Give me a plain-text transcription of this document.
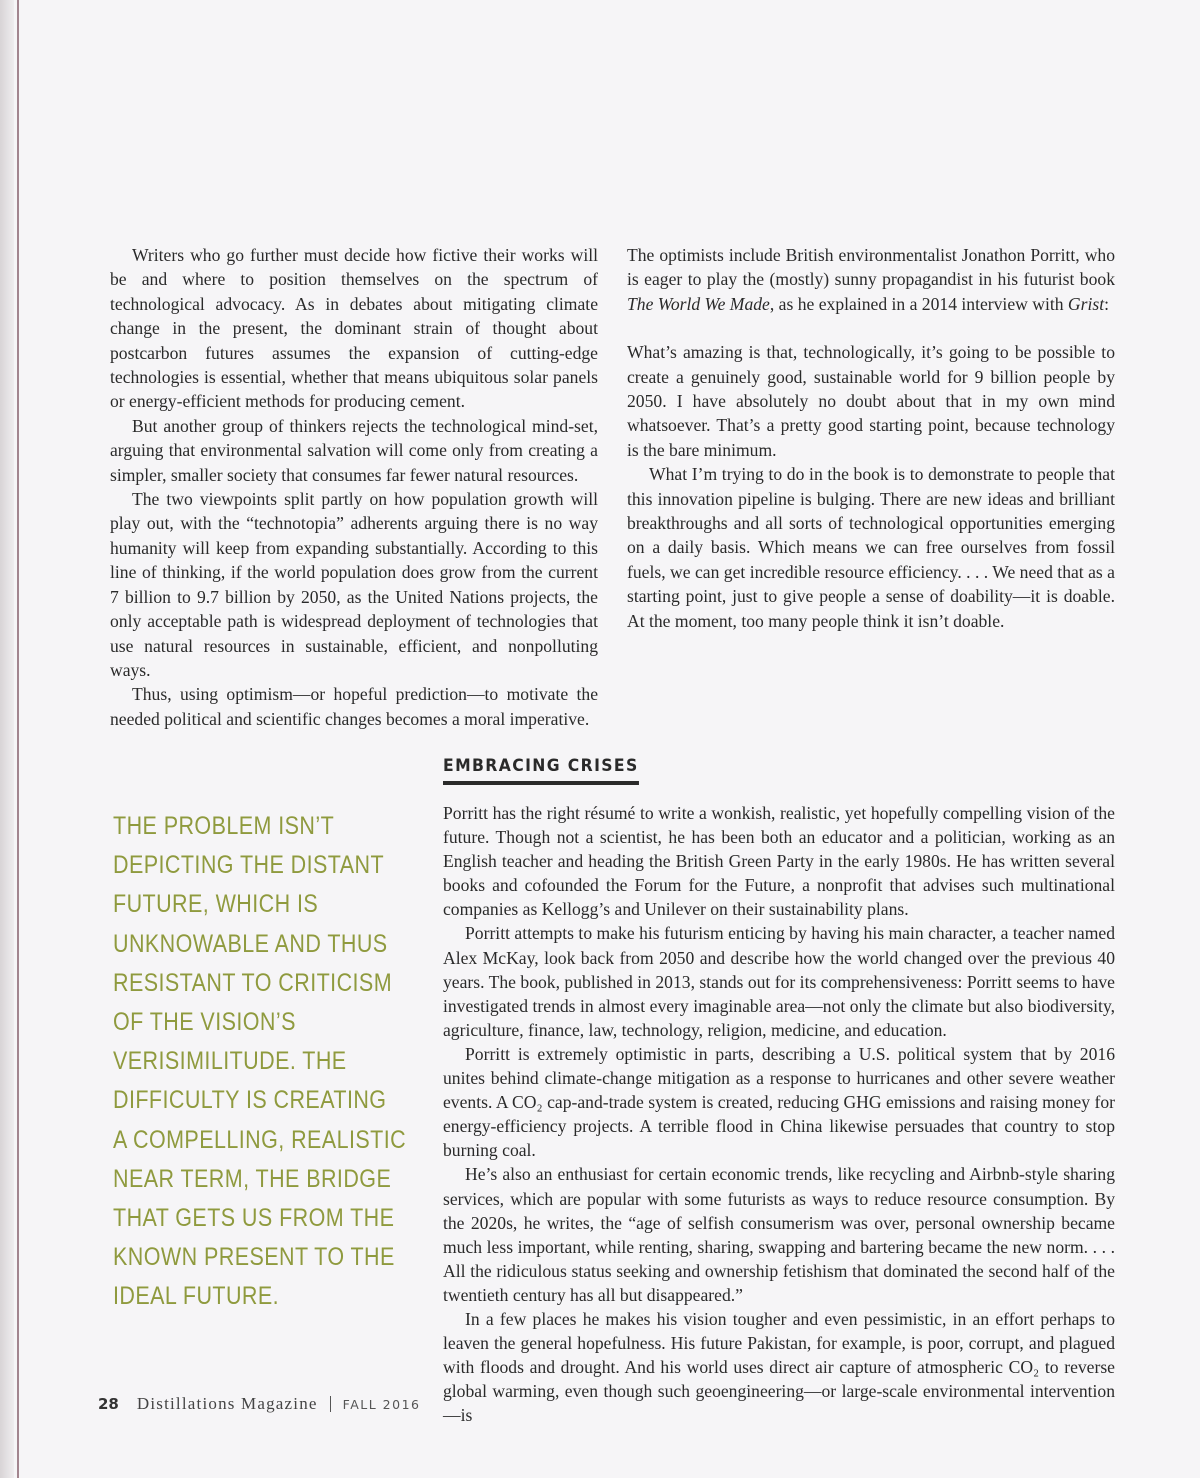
Writers who go further must decide how fictive their works will be and where to position themselves on the spectrum of technological advocacy. As in debates about mitigating climate change in the present, the dominant strain of thought about postcarbon futures assumes the expansion of cutting-edge technologies is essential, whether that means ubiquitous solar panels or energy-efficient methods for producing cement.

But another group of thinkers rejects the technological mind-set, arguing that environmental salvation will come only from creating a simpler, smaller society that consumes far fewer natural resources.

The two viewpoints split partly on how population growth will play out, with the “technotopia” adherents arguing there is no way humanity will keep from expanding substantially. According to this line of thinking, if the world population does grow from the current 7 billion to 9.7 billion by 2050, as the United Nations projects, the only acceptable path is widespread deployment of technologies that use natural resources in sustainable, efficient, and nonpolluting ways.

Thus, using optimism—or hopeful prediction—to motivate the needed political and scientific changes becomes a moral imperative.

The optimists include British environmentalist Jonathon Porritt, who is eager to play the (mostly) sunny propagandist in his futurist book The World We Made, as he explained in a 2014 interview with Grist:

What’s amazing is that, technologically, it’s going to be possible to create a genuinely good, sustainable world for 9 billion people by 2050. I have absolutely no doubt about that in my own mind whatsoever. That’s a pretty good starting point, because technology is the bare minimum.

What I’m trying to do in the book is to demonstrate to people that this innovation pipeline is bulging. There are new ideas and brilliant breakthroughs and all sorts of technological opportunities emerging on a daily basis. Which means we can free ourselves from fossil fuels, we can get incredible resource efficiency. . . . We need that as a starting point, just to give people a sense of doability—it is doable. At the moment, too many people think it isn’t doable.

EMBRACING CRISES
THE PROBLEM ISN’T
DEPICTING THE DISTANT
FUTURE, WHICH IS
UNKNOWABLE AND THUS
RESISTANT TO CRITICISM
OF THE VISION’S
VERISIMILITUDE. THE
DIFFICULTY IS CREATING
A COMPELLING, REALISTIC
NEAR TERM, THE BRIDGE
THAT GETS US FROM THE
KNOWN PRESENT TO THE
IDEAL FUTURE.

Porritt has the right résumé to write a wonkish, realistic, yet hopefully compelling vision of the future. Though not a scientist, he has been both an educator and a politician, working as an English teacher and heading the British Green Party in the early 1980s. He has written several books and cofounded the Forum for the Future, a nonprofit that advises such multinational companies as Kellogg’s and Unilever on their sustainability plans.

Porritt attempts to make his futurism enticing by having his main character, a teacher named Alex McKay, look back from 2050 and describe how the world changed over the previous 40 years. The book, published in 2013, stands out for its comprehensiveness: Porritt seems to have investigated trends in almost every imaginable area—not only the climate but also biodiversity, agriculture, finance, law, technology, religion, medicine, and education.

Porritt is extremely optimistic in parts, describing a U.S. political system that by 2016 unites behind climate-change mitigation as a response to hurricanes and other severe weather events. A CO₂ cap-and-trade system is created, reducing GHG emissions and raising money for energy-efficiency projects. A terrible flood in China likewise persuades that country to stop burning coal.

He’s also an enthusiast for certain economic trends, like recycling and Airbnb-style sharing services, which are popular with some futurists as ways to reduce resource consumption. By the 2020s, he writes, the “age of selfish consumerism was over, personal ownership became much less important, while renting, sharing, swapping and bartering became the new norm. . . . All the ridiculous status seeking and ownership fetishism that dominated the second half of the twentieth century has all but disappeared.”

In a few places he makes his vision tougher and even pessimistic, in an effort perhaps to leaven the general hopefulness. His future Pakistan, for example, is poor, corrupt, and plagued with floods and drought. And his world uses direct air capture of atmospheric CO₂ to reverse global warming, even though such geoengineering—or large-scale environmental intervention—is

28 Distillations Magazine FALL 2016
